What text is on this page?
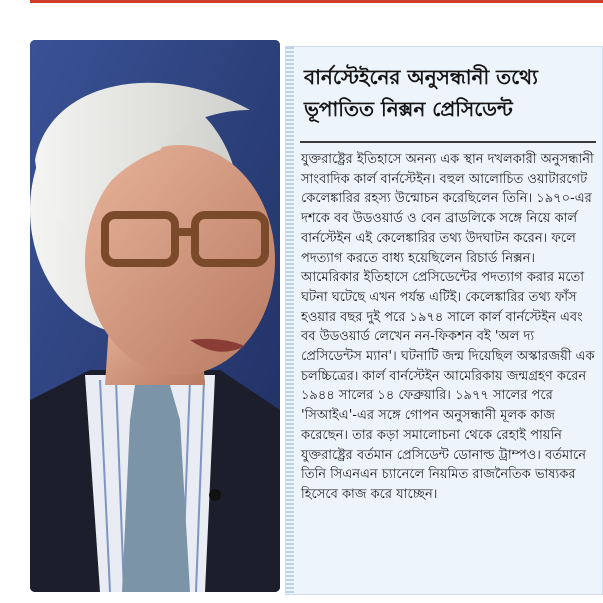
বার্নস্টেইনের অনুসন্ধানী তথ্যে ভূপাতিত নিক্সন প্রেসিডেন্ট

যুক্তরাষ্ট্রের ইতিহাসে অনন্য এক স্থান দখলকারী অনুসন্ধানী সাংবাদিক কার্ল বার্নস্টেইন। বহুল আলোচিত ওয়াটারগেট কেলেঙ্কারির রহস্য উন্মোচন করেছিলেন তিনি। ১৯৭০-এর দশকে বব উডওয়ার্ড ও বেন ব্রাডলিকে সঙ্গে নিয়ে কার্ল বার্নস্টেইন এই কেলেঙ্কারির তথ্য উদঘাটন করেন। ফলে পদত্যাগ করতে বাধ্য হয়েছিলেন রিচার্ড নিক্সন। আমেরিকার ইতিহাসে প্রেসিডেন্টের পদত্যাগ করার মতো ঘটনা ঘটেছে এখন পর্যন্ত এটিই। কেলেঙ্কারির তথ্য ফাঁস হওয়ার বছর দুই পরে ১৯৭৪ সালে কার্ল বার্নস্টেইন এবং বব উডওয়ার্ড লেখেন নন-ফিকশন বই 'অল দ্য প্রেসিডেন্টস ম্যান'। ঘটনাটি জন্ম দিয়েছিল অস্কারজয়ী এক চলচ্চিত্রের। কার্ল বার্নস্টেইন আমেরিকায় জন্মগ্রহণ করেন ১৯৪৪ সালের ১৪ ফেব্রুয়ারি। ১৯৭৭ সালের পরে 'সিআইএ'-এর সঙ্গে গোপন অনুসন্ধানী মূলক কাজ করেছেন। তার কড়া সমালোচনা থেকে রেহাই পায়নি যুক্তরাষ্ট্রের বর্তমান প্রেসিডেন্ট ডোনাল্ড ট্রাম্পও। বর্তমানে তিনি সিএনএন চ্যানেলে নিয়মিত রাজনৈতিক ভাষ্যকর হিসেবে কাজ করে যাচ্ছেন।
